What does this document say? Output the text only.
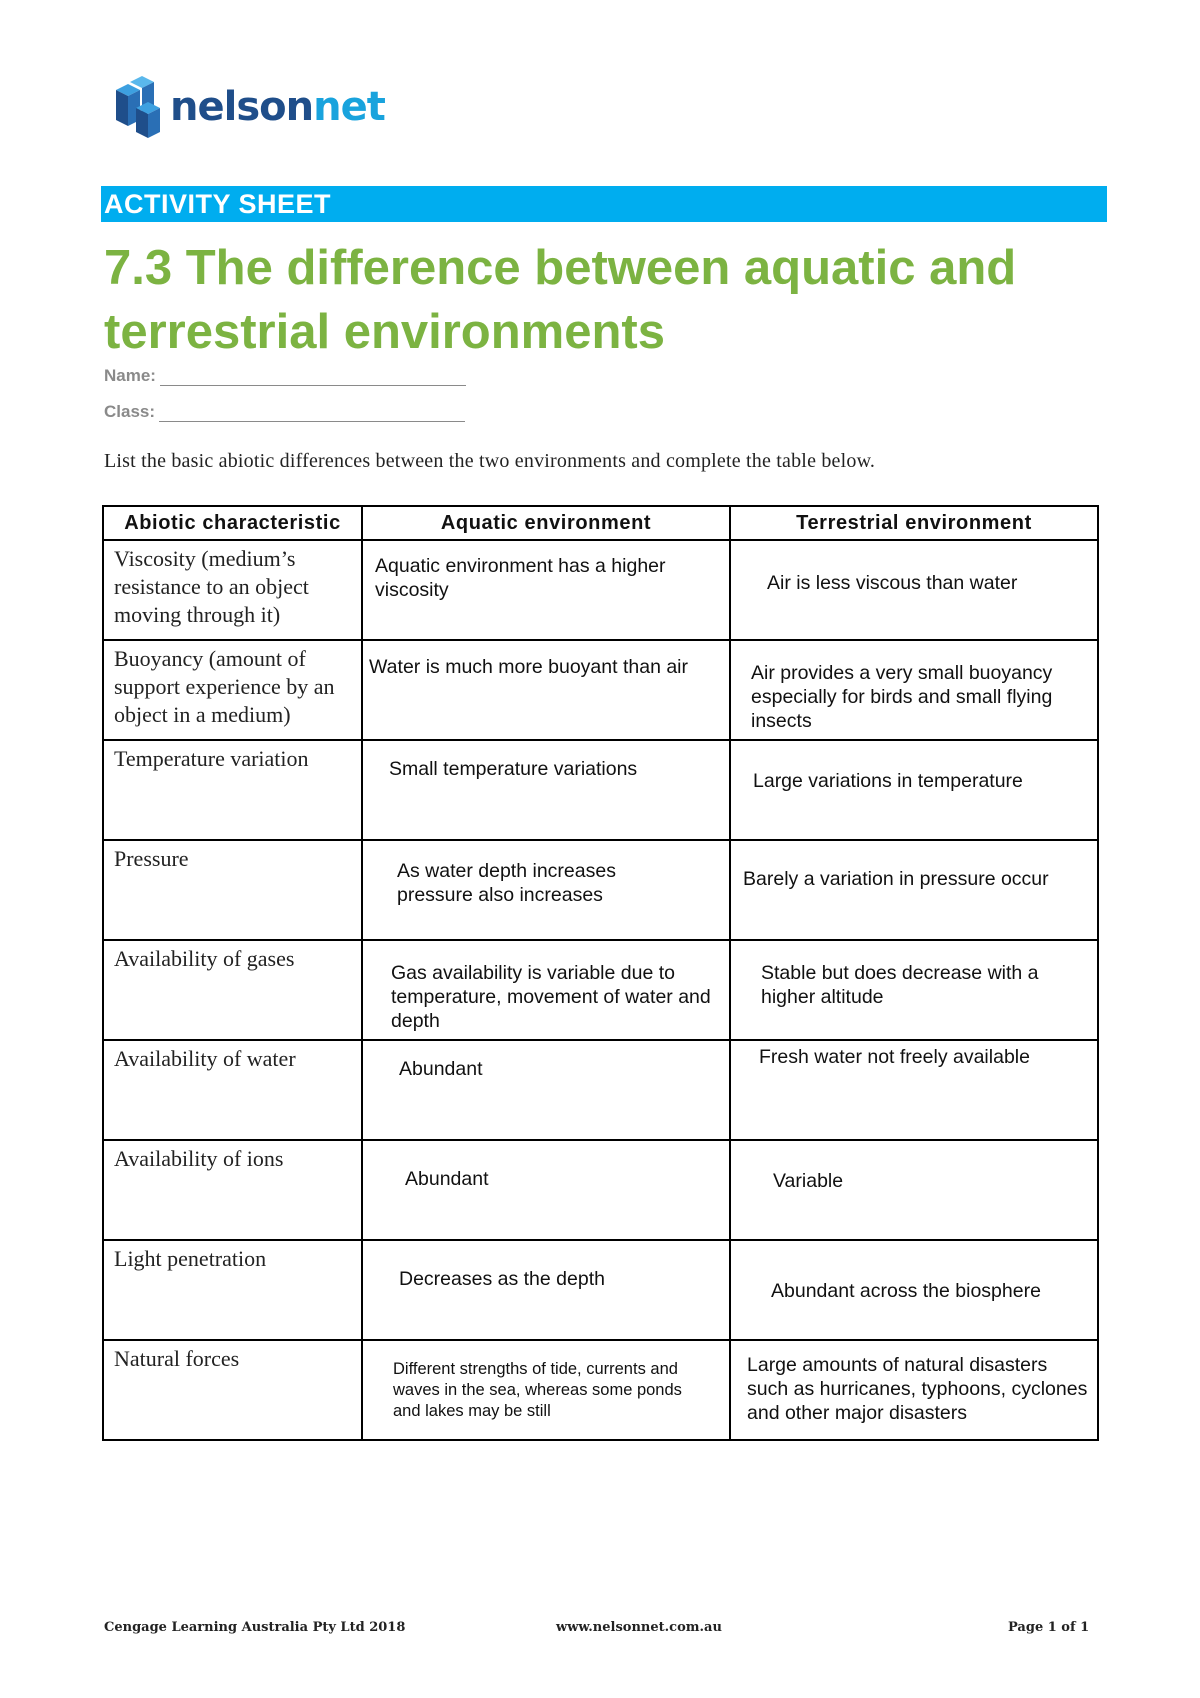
nelsonnet
ACTIVITY SHEET
7.3 The difference between aquatic and terrestrial environments
Name:
Class:
List the basic abiotic differences between the two environments and complete the table below.
Abiotic characteristic	Aquatic environment	Terrestrial environment
Viscosity (medium’s resistance to an object moving through it)	Aquatic environment has a higher viscosity	Air is less viscous than water

Buoyancy (amount of support experience by an object in a medium)	Water is much more buoyant than air	Air provides a very small buoyancy especially for birds and small flying insects

Temperature variation	Small temperature variations	Large variations in temperature

Pressure	As water depth increases pressure also increases	Barely a variation in pressure occur

Availability of gases	Gas availability is variable due to temperature, movement of water and depth	Stable but does decrease with a higher altitude

Availability of water	Abundant	Fresh water not freely available

Availability of ions	Abundant	Variable

Light penetration	Decreases as the depth	Abundant across the biosphere

Natural forces	Different strengths of tide, currents and waves in the sea, whereas some ponds and lakes may be still	Large amounts of natural disasters such as hurricanes, typhoons, cyclones and other major disasters
Cengage Learning Australia Pty Ltd 2018	www.nelsonnet.com.au	Page 1 of 1
